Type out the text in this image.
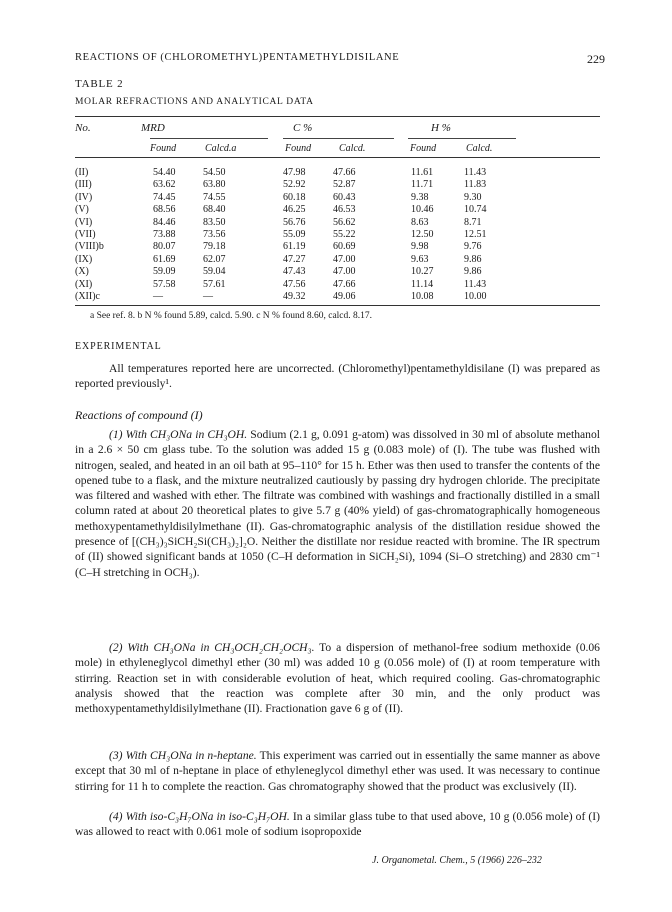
REACTIONS OF (CHLOROMETHYL)PENTAMETHYLDISILANE	229
TABLE 2
MOLAR REFRACTIONS AND ANALYTICAL DATA
No.	MRD	C %	H %
Found	Calcd.a	Found	Calcd.	Found	Calcd.
(II)	54.40	54.50	47.98	47.66	11.61	11.43
(III)	63.62	63.80	52.92	52.87	11.71	11.83
(IV)	74.45	74.55	60.18	60.43	9.38	9.30
(V)	68.56	68.40	46.25	46.53	10.46	10.74
(VI)	84.46	83.50	56.76	56.62	8.63	8.71
(VII)	73.88	73.56	55.09	55.22	12.50	12.51
(VIII)b	80.07	79.18	61.19	60.69	9.98	9.76
(IX)	61.69	62.07	47.27	47.00	9.63	9.86
(X)	59.09	59.04	47.43	47.00	10.27	9.86
(XI)	57.58	57.61	47.56	47.66	11.14	11.43
(XII)c	—	—	49.32	49.06	10.08	10.00
a See ref. 8. b N % found 5.89, calcd. 5.90. c N % found 8.60, calcd. 8.17.
EXPERIMENTAL
All temperatures reported here are uncorrected. (Chloromethyl)pentamethyldisilane (I) was prepared as reported previously¹.
Reactions of compound (I)
(1) With CH₃ONa in CH₃OH. Sodium (2.1 g, 0.091 g-atom) was dissolved in 30 ml of absolute methanol in a 2.6 × 50 cm glass tube. To the solution was added 15 g (0.083 mole) of (I). The tube was flushed with nitrogen, sealed, and heated in an oil bath at 95–110° for 15 h. Ether was then used to transfer the contents of the opened tube to a flask, and the mixture neutralized cautiously by passing dry hydrogen chloride. The precipitate was filtered and washed with ether. The filtrate was combined with washings and fractionally distilled in a small column rated at about 20 theoretical plates to give 5.7 g (40% yield) of gas-chromatographically homogeneous methoxypentamethyldisilylmethane (II). Gas-chromatographic analysis of the distillation residue showed the presence of [(CH₃)₃SiCH₂Si(CH₃)₂]₂O. Neither the distillate nor residue reacted with bromine. The IR spectrum of (II) showed significant bands at 1050 (C–H deformation in SiCH₂Si), 1094 (Si–O stretching) and 2830 cm⁻¹ (C–H stretching in OCH₃).
(2) With CH₃ONa in CH₃OCH₂CH₂OCH₃. To a dispersion of methanol-free sodium methoxide (0.06 mole) in ethyleneglycol dimethyl ether (30 ml) was added 10 g (0.056 mole) of (I) at room temperature with stirring. Reaction set in with considerable evolution of heat, which required cooling. Gas-chromatographic analysis showed that the reaction was complete after 30 min, and the only product was methoxypentamethyldisilylmethane (II). Fractionation gave 6 g of (II).
(3) With CH₃ONa in n-heptane. This experiment was carried out in essentially the same manner as above except that 30 ml of n-heptane in place of ethyleneglycol dimethyl ether was used. It was necessary to continue stirring for 11 h to complete the reaction. Gas chromatography showed that the product was exclusively (II).
(4) With iso-C₃H₇ONa in iso-C₃H₇OH. In a similar glass tube to that used above, 10 g (0.056 mole) of (I) was allowed to react with 0.061 mole of sodium isopropoxide
J. Organometal. Chem., 5 (1966) 226–232
